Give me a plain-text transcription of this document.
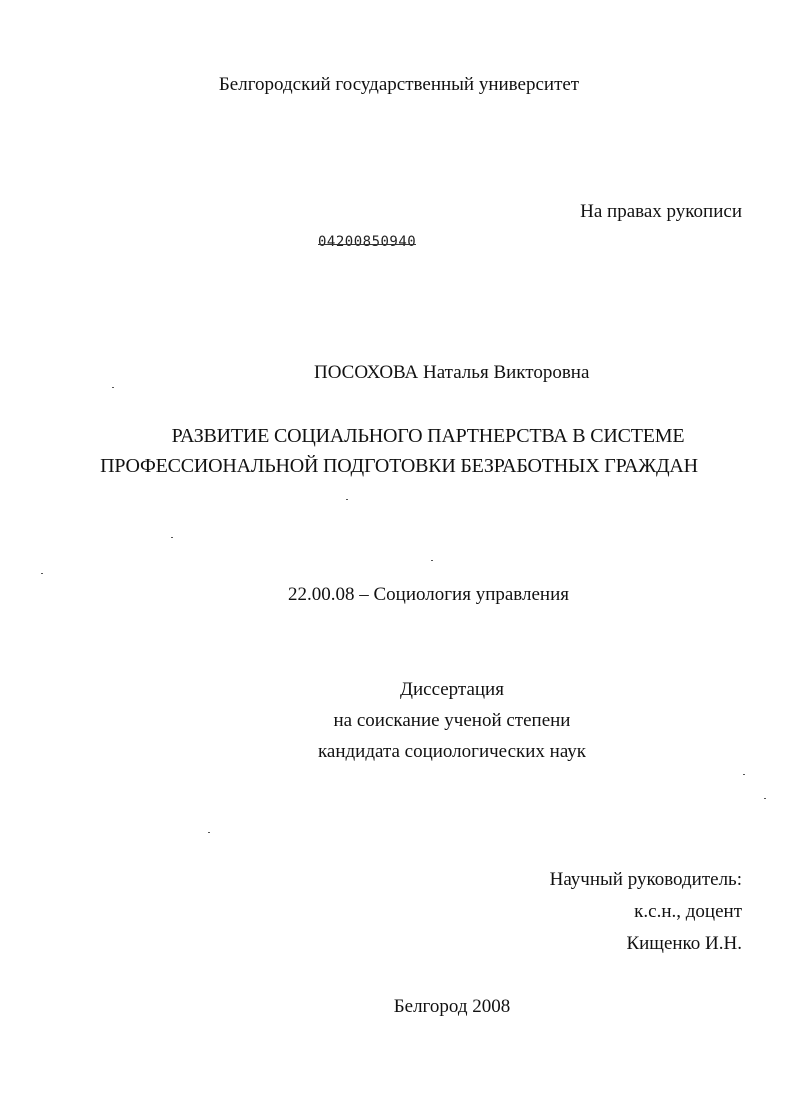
Белгородский государственный университет
На правах рукописи
04200850940
ПОСОХОВА Наталья Викторовна
РАЗВИТИЕ СОЦИАЛЬНОГО ПАРТНЕРСТВА В СИСТЕМЕ
ПРОФЕССИОНАЛЬНОЙ ПОДГОТОВКИ БЕЗРАБОТНЫХ ГРАЖДАН
22.00.08 – Социология управления
Диссертация
на соискание ученой степени
кандидата социологических наук
Научный руководитель:
к.с.н., доцент
Кищенко И.Н.
Белгород 2008
